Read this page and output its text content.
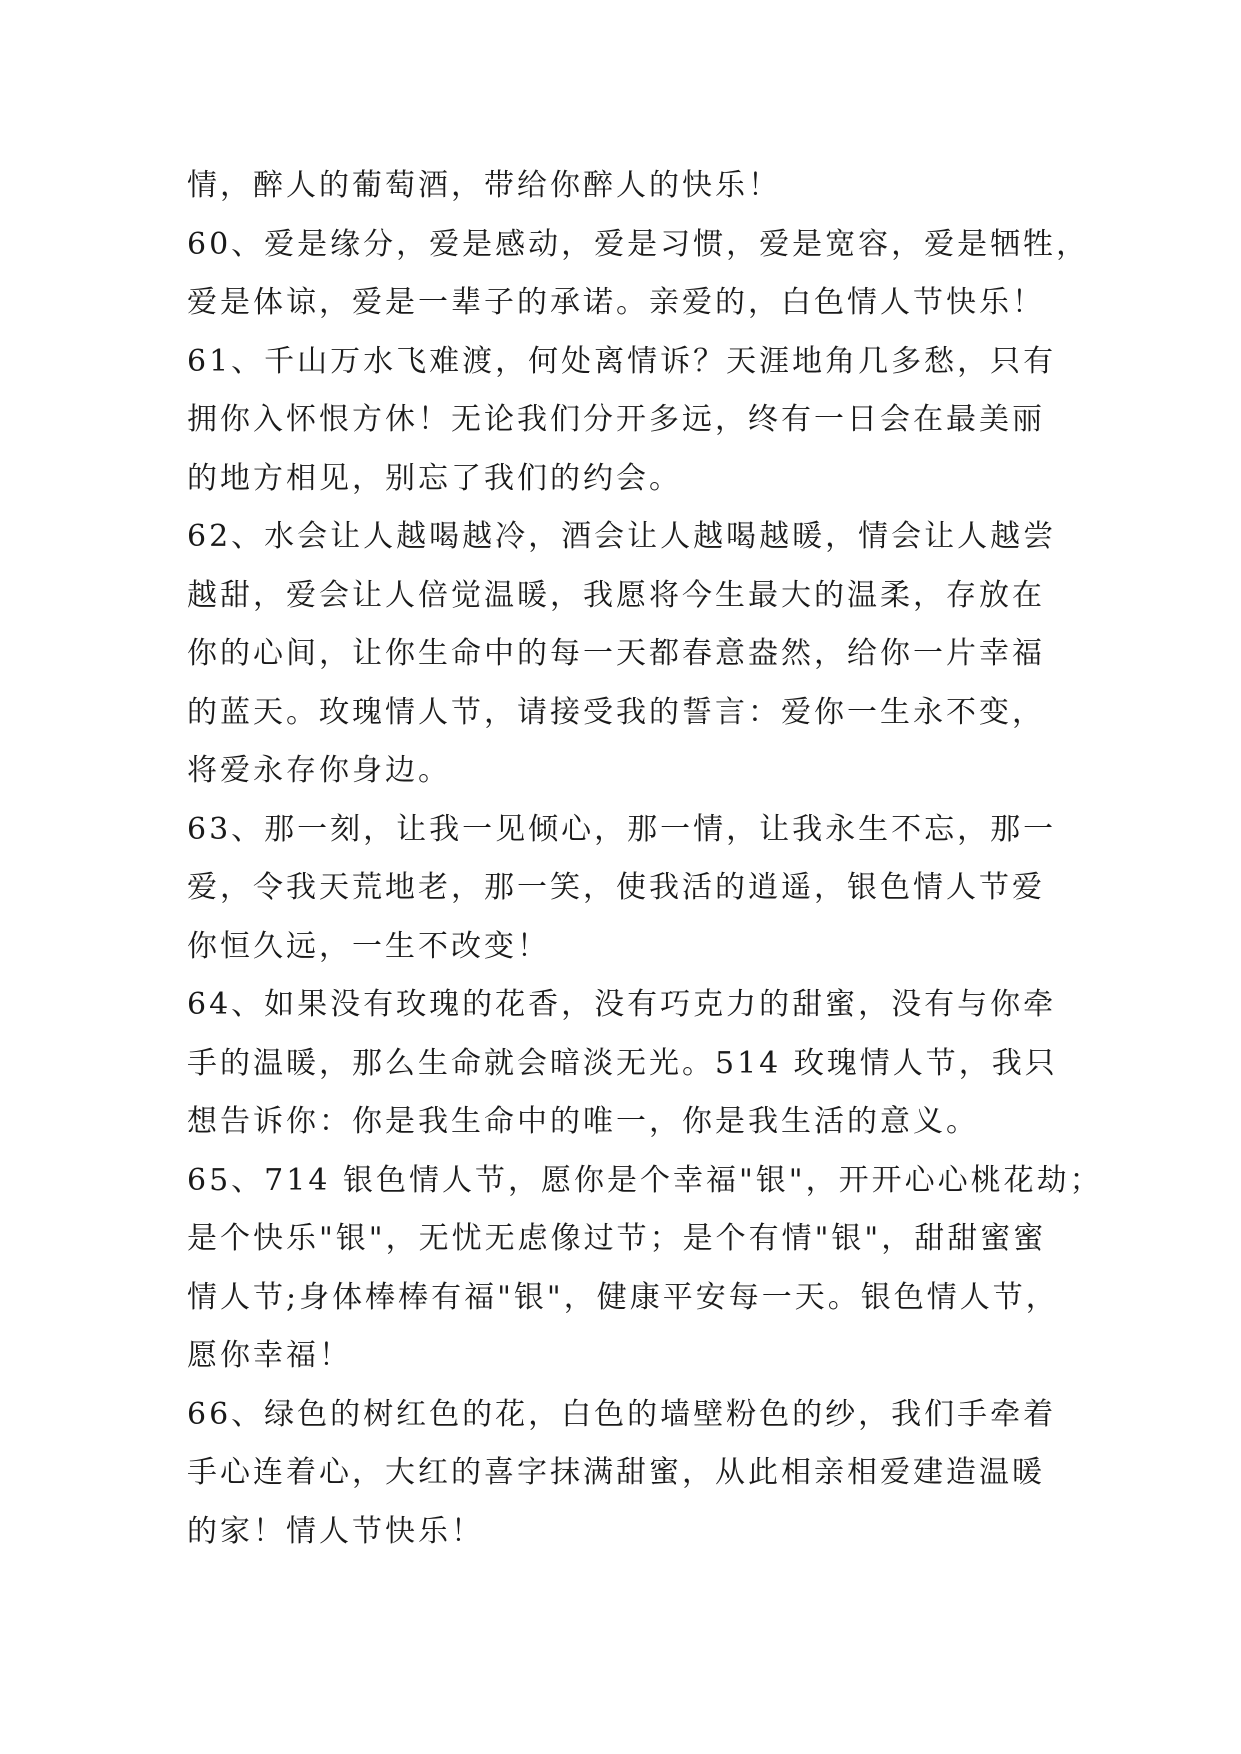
情，醉人的葡萄酒，带给你醉人的快乐！
60、爱是缘分，爱是感动，爱是习惯，爱是宽容，爱是牺牲，
爱是体谅，爱是一辈子的承诺。亲爱的，白色情人节快乐！
61、千山万水飞难渡，何处离情诉？天涯地角几多愁，只有
拥你入怀恨方休！无论我们分开多远，终有一日会在最美丽
的地方相见，别忘了我们的约会。
62、水会让人越喝越冷，酒会让人越喝越暖，情会让人越尝
越甜，爱会让人倍觉温暖，我愿将今生最大的温柔，存放在
你的心间，让你生命中的每一天都春意盎然，给你一片幸福
的蓝天。玫瑰情人节，请接受我的誓言：爱你一生永不变，
将爱永存你身边。
63、那一刻，让我一见倾心，那一情，让我永生不忘，那一
爱，令我天荒地老，那一笑，使我活的逍遥，银色情人节爱
你恒久远，一生不改变！
64、如果没有玫瑰的花香，没有巧克力的甜蜜，没有与你牵
手的温暖，那么生命就会暗淡无光。514 玫瑰情人节，我只
想告诉你：你是我生命中的唯一，你是我生活的意义。
65、714 银色情人节，愿你是个幸福"银"，开开心心桃花劫；
是个快乐"银"，无忧无虑像过节；是个有情"银"，甜甜蜜蜜
情人节;身体棒棒有福"银"，健康平安每一天。银色情人节，
愿你幸福！
66、绿色的树红色的花，白色的墙壁粉色的纱，我们手牵着
手心连着心，大红的喜字抹满甜蜜，从此相亲相爱建造温暖
的家！情人节快乐！
